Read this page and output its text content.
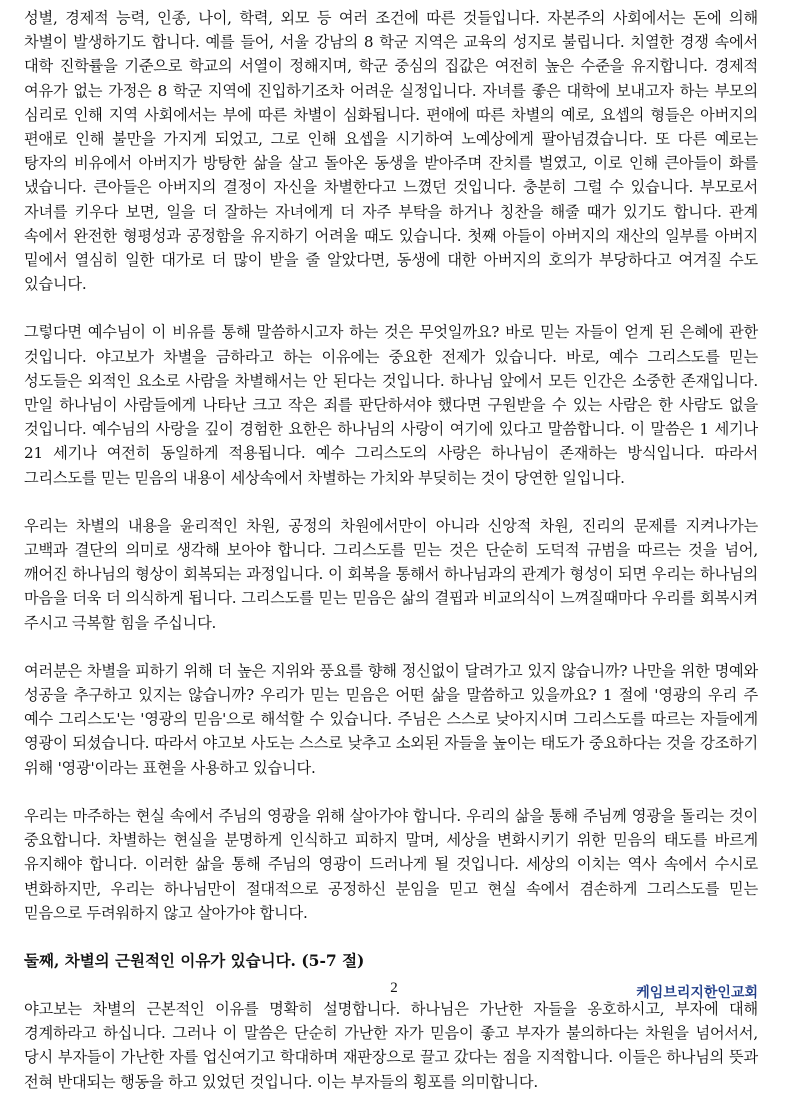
성별, 경제적 능력, 인종, 나이, 학력, 외모 등 여러 조건에 따른 것들입니다. 자본주의 사회에서는 돈에 의해 차별이 발생하기도 합니다. 예를 들어, 서울 강남의 8 학군 지역은 교육의 성지로 불립니다. 치열한 경쟁 속에서 대학 진학률을 기준으로 학교의 서열이 정해지며, 학군 중심의 집값은 여전히 높은 수준을 유지합니다. 경제적 여유가 없는 가정은 8 학군 지역에 진입하기조차 어려운 실정입니다. 자녀를 좋은 대학에 보내고자 하는 부모의 심리로 인해 지역 사회에서는 부에 따른 차별이 심화됩니다. 편애에 따른 차별의 예로, 요셉의 형들은 아버지의 편애로 인해 불만을 가지게 되었고, 그로 인해 요셉을 시기하여 노예상에게 팔아넘겼습니다. 또 다른 예로는 탕자의 비유에서 아버지가 방탕한 삶을 살고 돌아온 동생을 받아주며 잔치를 벌였고, 이로 인해 큰아들이 화를 냈습니다. 큰아들은 아버지의 결정이 자신을 차별한다고 느꼈던 것입니다. 충분히 그럴 수 있습니다. 부모로서 자녀를 키우다 보면, 일을 더 잘하는 자녀에게 더 자주 부탁을 하거나 칭찬을 해줄 때가 있기도 합니다. 관계 속에서 완전한 형평성과 공정함을 유지하기 어려울 때도 있습니다. 첫째 아들이 아버지의 재산의 일부를 아버지 밑에서 열심히 일한 대가로 더 많이 받을 줄 알았다면, 동생에 대한 아버지의 호의가 부당하다고 여겨질 수도 있습니다.

그렇다면 예수님이 이 비유를 통해 말씀하시고자 하는 것은 무엇일까요? 바로 믿는 자들이 얻게 된 은혜에 관한 것입니다. 야고보가 차별을 금하라고 하는 이유에는 중요한 전제가 있습니다. 바로, 예수 그리스도를 믿는 성도들은 외적인 요소로 사람을 차별해서는 안 된다는 것입니다. 하나님 앞에서 모든 인간은 소중한 존재입니다. 만일 하나님이 사람들에게 나타난 크고 작은 죄를 판단하셔야 했다면 구원받을 수 있는 사람은 한 사람도 없을 것입니다. 예수님의 사랑을 깊이 경험한 요한은 하나님의 사랑이 여기에 있다고 말씀합니다. 이 말씀은 1 세기나 21 세기나 여전히 동일하게 적용됩니다. 예수 그리스도의 사랑은 하나님이 존재하는 방식입니다. 따라서 그리스도를 믿는 믿음의 내용이 세상속에서 차별하는 가치와 부딪히는 것이 당연한 일입니다.

우리는 차별의 내용을 윤리적인 차원, 공정의 차원에서만이 아니라 신앙적 차원, 진리의 문제를 지켜나가는 고백과 결단의 의미로 생각해 보아야 합니다. 그리스도를 믿는 것은 단순히 도덕적 규범을 따르는 것을 넘어, 깨어진 하나님의 형상이 회복되는 과정입니다. 이 회복을 통해서 하나님과의 관계가 형성이 되면 우리는 하나님의 마음을 더욱 더 의식하게 됩니다. 그리스도를 믿는 믿음은 삶의 결핍과 비교의식이 느껴질때마다 우리를 회복시켜 주시고 극복할 힘을 주십니다.

여러분은 차별을 피하기 위해 더 높은 지위와 풍요를 향해 정신없이 달려가고 있지 않습니까? 나만을 위한 명예와 성공을 추구하고 있지는 않습니까? 우리가 믿는 믿음은 어떤 삶을 말씀하고 있을까요? 1 절에 '영광의 우리 주 예수 그리스도'는 '영광의 믿음'으로 해석할 수 있습니다. 주님은 스스로 낮아지시며 그리스도를 따르는 자들에게 영광이 되셨습니다. 따라서 야고보 사도는 스스로 낮추고 소외된 자들을 높이는 태도가 중요하다는 것을 강조하기 위해 '영광'이라는 표현을 사용하고 있습니다.

우리는 마주하는 현실 속에서 주님의 영광을 위해 살아가야 합니다. 우리의 삶을 통해 주님께 영광을 돌리는 것이 중요합니다. 차별하는 현실을 분명하게 인식하고 피하지 말며, 세상을 변화시키기 위한 믿음의 태도를 바르게 유지해야 합니다. 이러한 삶을 통해 주님의 영광이 드러나게 될 것입니다. 세상의 이치는 역사 속에서 수시로 변화하지만, 우리는 하나님만이 절대적으로 공정하신 분임을 믿고 현실 속에서 겸손하게 그리스도를 믿는 믿음으로 두려워하지 않고 살아가야 합니다.

둘째, 차별의 근원적인 이유가 있습니다. (5-7 절)

야고보는 차별의 근본적인 이유를 명확히 설명합니다. 하나님은 가난한 자들을 옹호하시고, 부자에 대해 경계하라고 하십니다. 그러나 이 말씀은 단순히 가난한 자가 믿음이 좋고 부자가 불의하다는 차원을 넘어서서, 당시 부자들이 가난한 자를 업신여기고 학대하며 재판장으로 끌고 갔다는 점을 지적합니다. 이들은 하나님의 뜻과 전혀 반대되는 행동을 하고 있었던 것입니다. 이는 부자들의 횡포를 의미합니다.

2	케임브리지한인교회
